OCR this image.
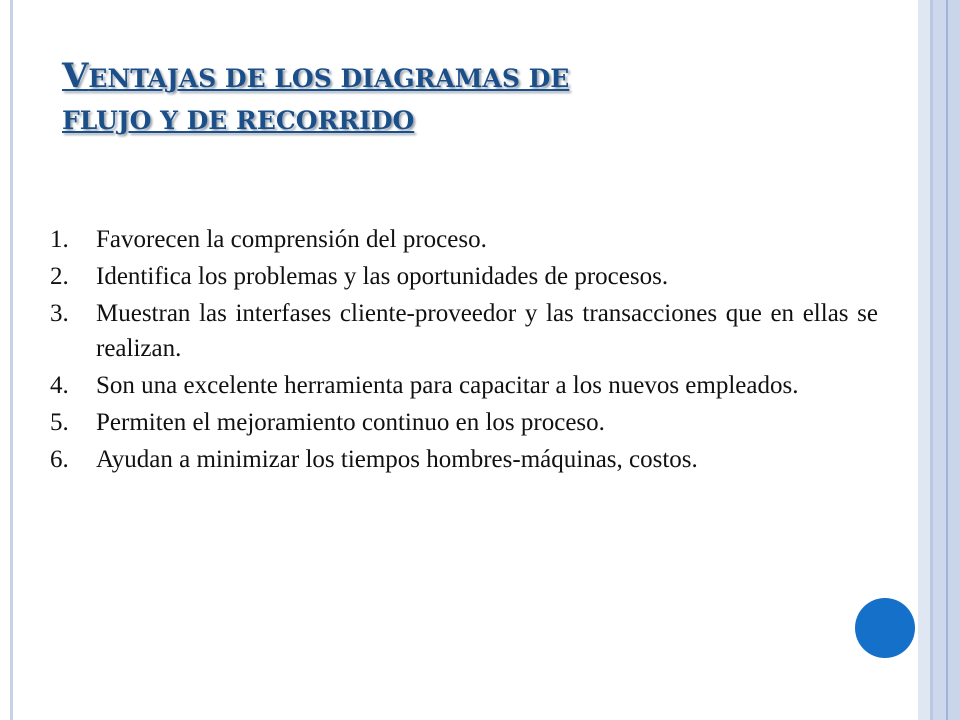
VENTAJAS DE LOS DIAGRAMAS DE
FLUJO Y DE RECORRIDO
1. Favorecen la comprensión del proceso.
2. Identifica los problemas y las oportunidades de procesos.
3. Muestran las interfases cliente-proveedor y las transacciones que en ellas se realizan.
4. Son una excelente herramienta para capacitar a los nuevos empleados.
5. Permiten el mejoramiento continuo en los proceso.
6. Ayudan a minimizar los tiempos hombres-máquinas, costos.
